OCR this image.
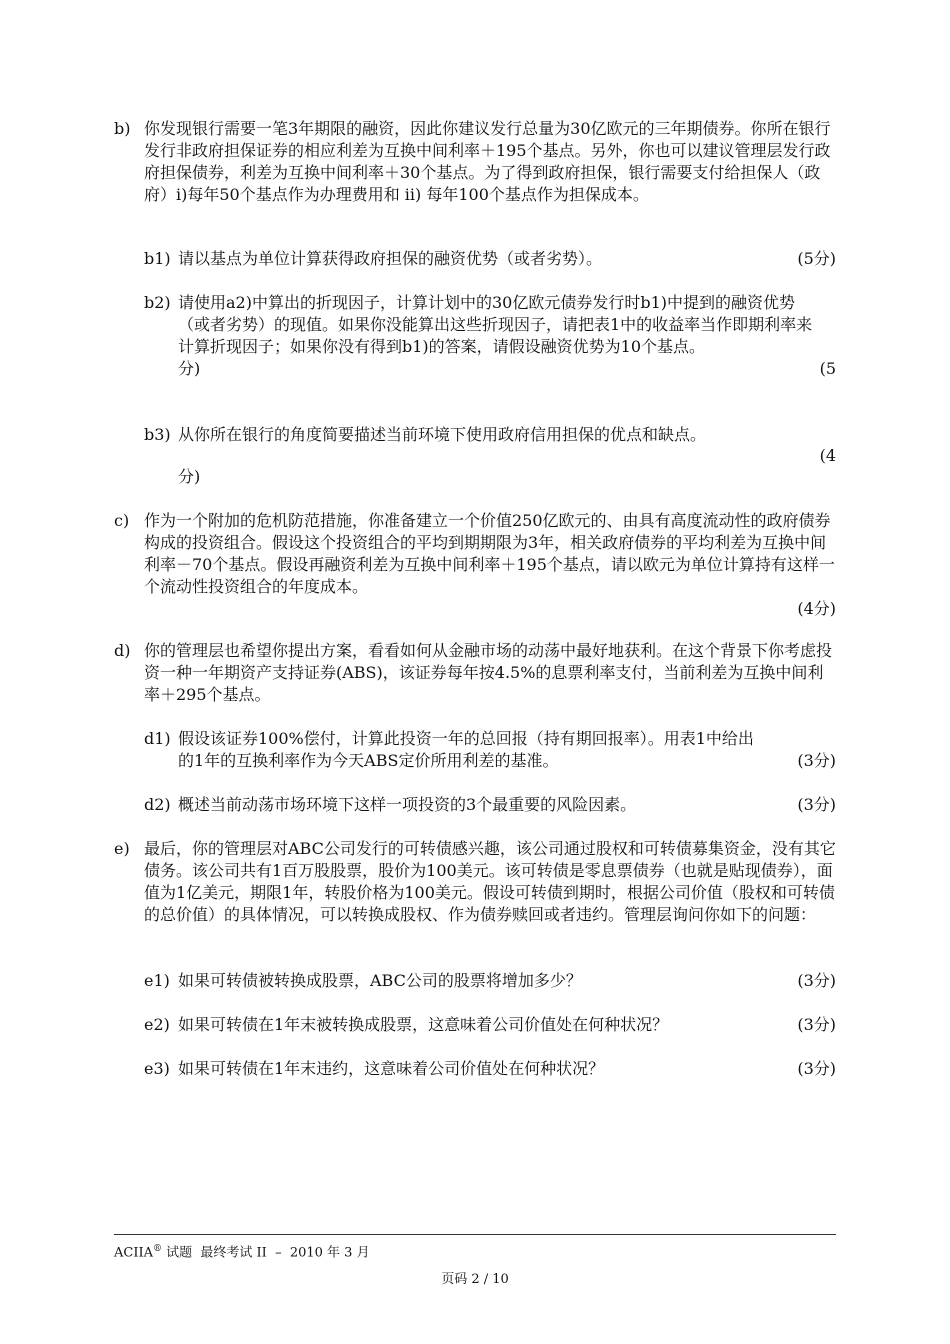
b) 你发现银行需要一笔3年期限的融资，因此你建议发行总量为30亿欧元的三年期债券。你所在银行发行非政府担保证券的相应利差为互换中间利率＋195个基点。另外，你也可以建议管理层发行政府担保债券，利差为互换中间利率＋30个基点。为了得到政府担保，银行需要支付给担保人（政府）i)每年50个基点作为办理费用和 ii) 每年100个基点作为担保成本。
b1) 请以基点为单位计算获得政府担保的融资优势（或者劣势）。	(5分)
b2) 请使用a2)中算出的折现因子，计算计划中的30亿欧元债券发行时b1)中提到的融资优势（或者劣势）的现值。如果你没能算出这些折现因子，请把表1中的收益率当作即期利率来计算折现因子；如果你没有得到b1)的答案，请假设融资优势为10个基点。
分)	(5
b3) 从你所在银行的角度简要描述当前环境下使用政府信用担保的优点和缺点。
分)
(4
c) 作为一个附加的危机防范措施，你准备建立一个价值250亿欧元的、由具有高度流动性的政府债券构成的投资组合。假设这个投资组合的平均到期期限为3年，相关政府债券的平均利差为互换中间利率－70个基点。假设再融资利差为互换中间利率＋195个基点，请以欧元为单位计算持有这样一个流动性投资组合的年度成本。
(4分)
d) 你的管理层也希望你提出方案，看看如何从金融市场的动荡中最好地获利。在这个背景下你考虑投资一种一年期资产支持证券(ABS)，该证券每年按4.5%的息票利率支付，当前利差为互换中间利率＋295个基点。
d1) 假设该证券100%偿付，计算此投资一年的总回报（持有期回报率）。用表1中给出的1年的互换利率作为今天ABS定价所用利差的基准。	(3分)
d2) 概述当前动荡市场环境下这样一项投资的3个最重要的风险因素。	(3分)
e) 最后，你的管理层对ABC公司发行的可转债感兴趣，该公司通过股权和可转债募集资金，没有其它债务。该公司共有1百万股股票，股价为100美元。该可转债是零息票债券（也就是贴现债券），面值为1亿美元，期限1年，转股价格为100美元。假设可转债到期时，根据公司价值（股权和可转债的总价值）的具体情况，可以转换成股权、作为债券赎回或者违约。管理层询问你如下的问题：
e1) 如果可转债被转换成股票，ABC公司的股票将增加多少？	(3分)
e2) 如果可转债在1年末被转换成股票，这意味着公司价值处在何种状况？	(3分)
e3) 如果可转债在1年末违约，这意味着公司价值处在何种状况？	(3分)
ACIIA® 试题  最终考试 II  –  2010 年 3 月
页码 2 / 10
